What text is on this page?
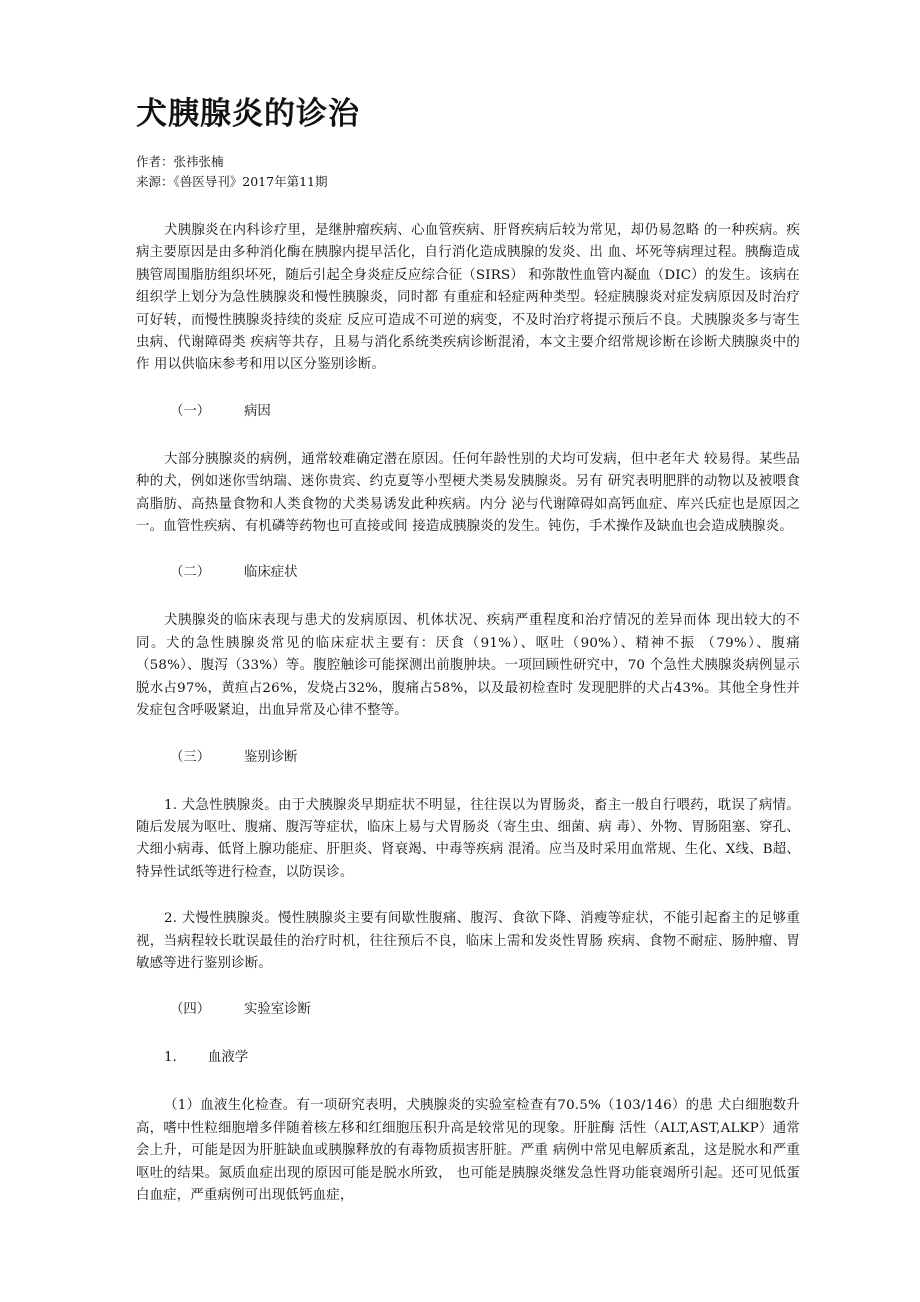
犬胰腺炎的诊治
作者：张祎张楠
来源：《兽医导刊》2017年第11期

犬胰腺炎在内科诊疗里，是继肿瘤疾病、心血管疾病、肝肾疾病后较为常见，却仍易忽略 的一种疾病。疾病主要原因是由多种消化酶在胰腺内提早活化，自行消化造成胰腺的发炎、出 血、坏死等病理过程。胰酶造成胰管周围脂肪组织坏死，随后引起全身炎症反应综合征（SIRS） 和弥散性血管内凝血（DIC）的发生。该病在组织学上划分为急性胰腺炎和慢性胰腺炎，同时都 有重症和轻症两种类型。轻症胰腺炎对症发病原因及时治疗可好转，而慢性胰腺炎持续的炎症 反应可造成不可逆的病变，不及时治疗将提示预后不良。犬胰腺炎多与寄生虫病、代谢障碍类 疾病等共存，且易与消化系统类疾病诊断混淆，本文主要介绍常规诊断在诊断犬胰腺炎中的作 用以供临床参考和用以区分鉴别诊断。

（一）	病因

大部分胰腺炎的病例，通常较难确定潜在原因。任何年龄性别的犬均可发病，但中老年犬 较易得。某些品种的犬，例如迷你雪纳瑞、迷你贵宾、约克夏等小型梗犬类易发胰腺炎。另有 研究表明肥胖的动物以及被喂食高脂肪、高热量食物和人类食物的犬类易诱发此种疾病。内分 泌与代谢障碍如高钙血症、库兴氏症也是原因之一。血管性疾病、有机磷等药物也可直接或间 接造成胰腺炎的发生。钝伤，手术操作及缺血也会造成胰腺炎。

（二）	临床症状

犬胰腺炎的临床表现与患犬的发病原因、机体状况、疾病严重程度和治疗情况的差异而体 现出较大的不同。犬的急性胰腺炎常见的临床症状主要有：厌食（91%）、呕吐（90%）、精神不振 （79%）、腹痛（58%）、腹泻（33%）等。腹腔触诊可能探测出前腹肿块。一项回顾性研究中，70 个急性犬胰腺炎病例显示脱水占97%，黄疸占26%，发烧占32%，腹痛占58%，以及最初检查时 发现肥胖的犬占43%。其他全身性并发症包含呼吸紧迫，出血异常及心律不整等。

（三）	鉴别诊断

1. 犬急性胰腺炎。由于犬胰腺炎早期症状不明显，往往误以为胃肠炎，畜主一般自行喂药，耽误了病情。随后发展为呕吐、腹痛、腹泻等症状，临床上易与犬胃肠炎（寄生虫、细菌、病 毒）、外物、胃肠阻塞、穿孔、犬细小病毒、低肾上腺功能症、肝胆炎、肾衰竭、中毒等疾病 混淆。应当及时采用血常规、生化、X线、B超、特异性试纸等进行检查，以防误诊。

2. 犬慢性胰腺炎。慢性胰腺炎主要有间歇性腹痛、腹泻、食欲下降、消瘦等症状，不能引起畜主的足够重视，当病程较长耽误最佳的治疗时机，往往预后不良，临床上需和发炎性胃肠 疾病、食物不耐症、肠肿瘤、胃敏感等进行鉴别诊断。

（四）	实验室诊断
1. 血液学

（1）血液生化检查。有一项研究表明，犬胰腺炎的实验室检查有70.5%（103/146）的患 犬白细胞数升高，嗜中性粒细胞增多伴随着核左移和红细胞压积升高是较常见的现象。肝脏酶 活性（ALT,AST,ALKP）通常会上升，可能是因为肝脏缺血或胰腺释放的有毒物质损害肝脏。严重 病例中常见电解质紊乱，这是脱水和严重呕吐的结果。氮质血症出现的原因可能是脱水所致， 也可能是胰腺炎继发急性肾功能衰竭所引起。还可见低蛋白血症，严重病例可出现低钙血症，
